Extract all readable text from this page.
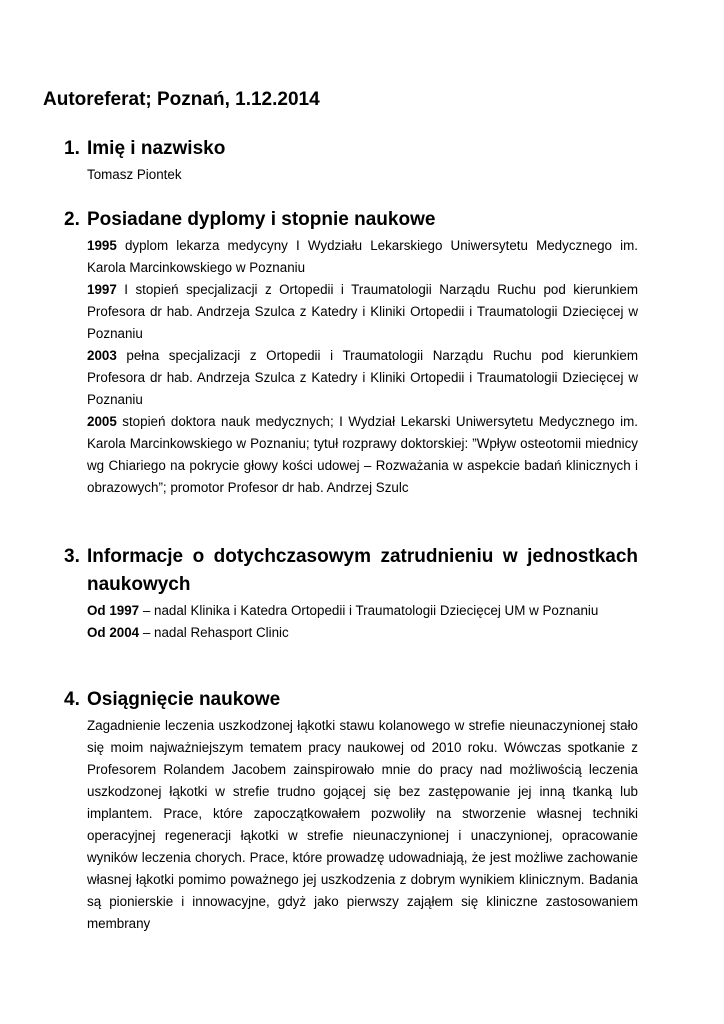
Autoreferat; Poznań, 1.12.2014
1. Imię i nazwisko
Tomasz Piontek
2. Posiadane dyplomy i stopnie naukowe
1995 dyplom lekarza medycyny I Wydziału Lekarskiego Uniwersytetu Medycznego im. Karola Marcinkowskiego w Poznaniu
1997 I stopień specjalizacji z Ortopedii i Traumatologii Narządu Ruchu pod kierunkiem Profesora dr hab. Andrzeja Szulca z Katedry i Kliniki Ortopedii i Traumatologii Dziecięcej w Poznaniu
2003 pełna specjalizacji z Ortopedii i Traumatologii Narządu Ruchu pod kierunkiem Profesora dr hab. Andrzeja Szulca z Katedry i Kliniki Ortopedii i Traumatologii Dziecięcej w Poznaniu
2005 stopień doktora nauk medycznych; I Wydział Lekarski Uniwersytetu Medycznego im. Karola Marcinkowskiego w Poznaniu; tytuł rozprawy doktorskiej: ”Wpływ osteotomii miednicy wg Chiariego na pokrycie głowy kości udowej – Rozważania w aspekcie badań klinicznych i obrazowych”; promotor Profesor dr hab. Andrzej Szulc
3. Informacje o dotychczasowym zatrudnieniu w jednostkach naukowych
Od 1997 – nadal Klinika i Katedra Ortopedii i Traumatologii Dziecięcej UM w Poznaniu
Od 2004 – nadal Rehasport Clinic
4. Osiągnięcie naukowe
Zagadnienie leczenia uszkodzonej łąkotki stawu kolanowego w strefie nieunaczynionej stało się moim najważniejszym tematem pracy naukowej od 2010 roku. Wówczas spotkanie z Profesorem Rolandem Jacobem zainspirowało mnie do pracy nad możliwością leczenia uszkodzonej łąkotki w strefie trudno gojącej się bez zastępowanie jej inną tkanką lub implantem. Prace, które zapoczątkowałem pozwoliły na stworzenie własnej techniki operacyjnej regeneracji łąkotki w strefie nieunaczynionej i unaczynionej, opracowanie wyników leczenia chorych. Prace, które prowadzę udowadniają, że jest możliwe zachowanie własnej łąkotki pomimo poważnego jej uszkodzenia z dobrym wynikiem klinicznym. Badania są pionierskie i innowacyjne, gdyż jako pierwszy zająłem się kliniczne zastosowaniem membrany
